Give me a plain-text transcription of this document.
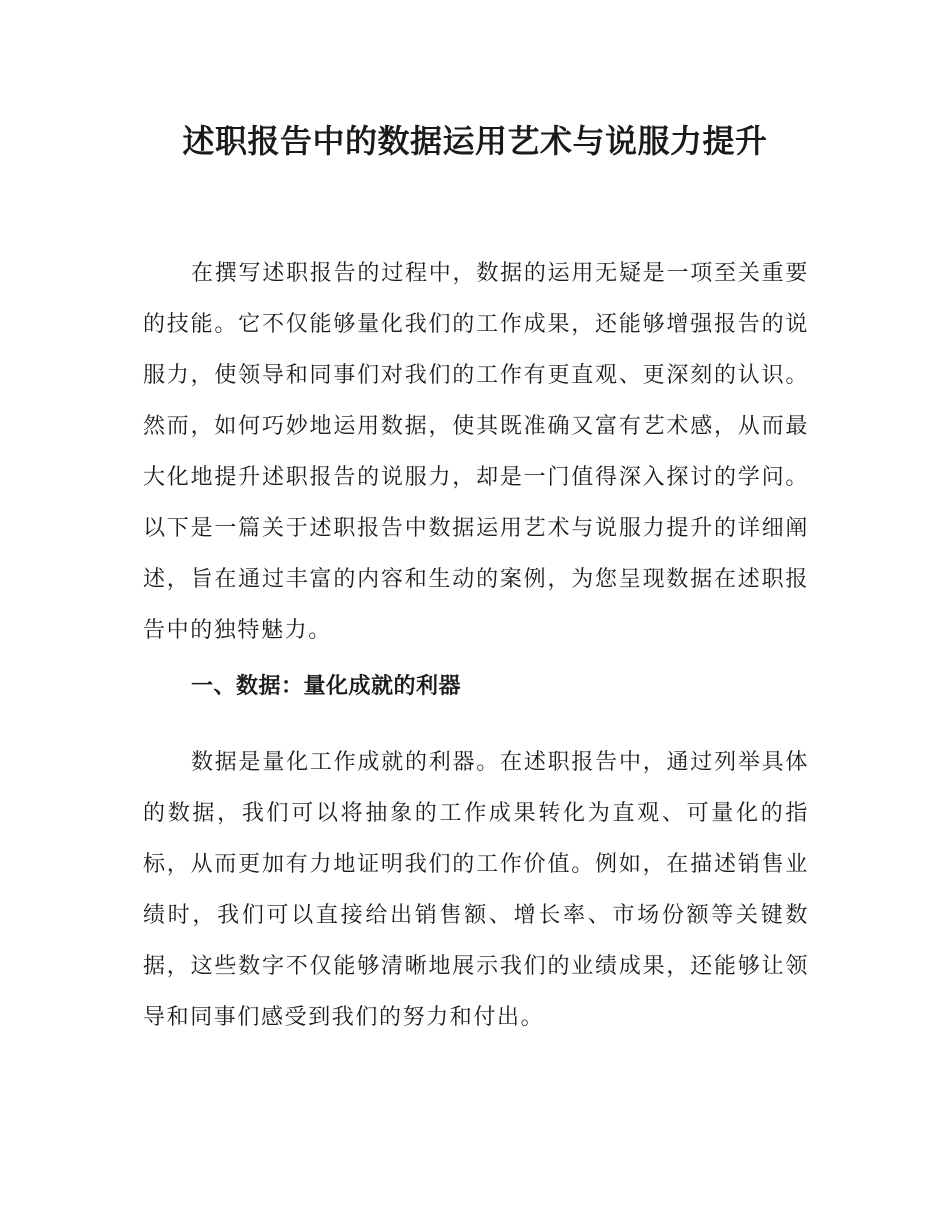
述职报告中的数据运用艺术与说服力提升

在撰写述职报告的过程中，数据的运用无疑是一项至关重要的技能。它不仅能够量化我们的工作成果，还能够增强报告的说服力，使领导和同事们对我们的工作有更直观、更深刻的认识。然而，如何巧妙地运用数据，使其既准确又富有艺术感，从而最大化地提升述职报告的说服力，却是一门值得深入探讨的学问。以下是一篇关于述职报告中数据运用艺术与说服力提升的详细阐述，旨在通过丰富的内容和生动的案例，为您呈现数据在述职报告中的独特魅力。

一、数据：量化成就的利器

数据是量化工作成就的利器。在述职报告中，通过列举具体的数据，我们可以将抽象的工作成果转化为直观、可量化的指标，从而更加有力地证明我们的工作价值。例如，在描述销售业绩时，我们可以直接给出销售额、增长率、市场份额等关键数据，这些数字不仅能够清晰地展示我们的业绩成果，还能够让领导和同事们感受到我们的努力和付出。
